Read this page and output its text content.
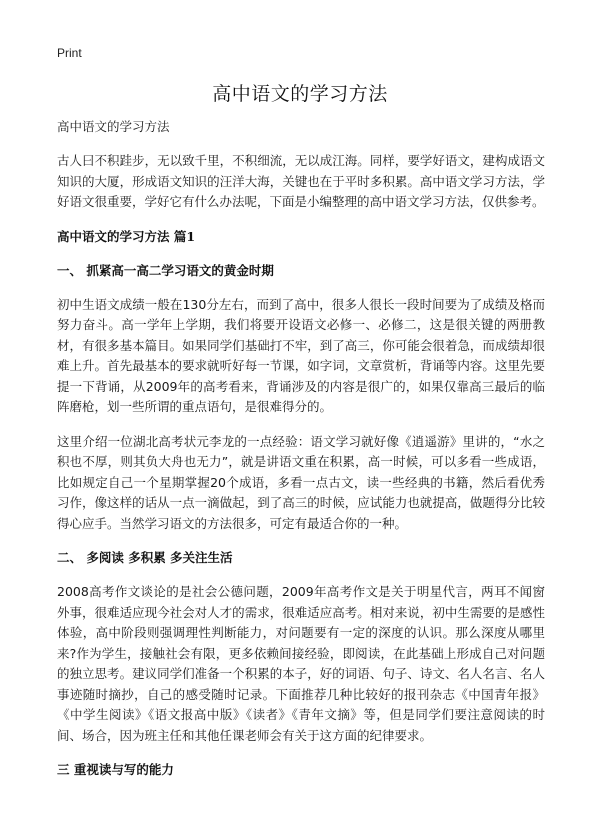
Print
高中语文的学习方法
高中语文的学习方法

古人曰不积跬步，无以致千里，不积细流，无以成江海。同样，要学好语文，建构成语文知识的大厦，形成语文知识的汪洋大海，关键也在于平时多积累。高中语文学习方法，学好语文很重要，学好它有什么办法呢，下面是小编整理的高中语文学习方法，仅供参考。

高中语文的学习方法 篇1
一、 抓紧高一高二学习语文的黄金时期

初中生语文成绩一般在130分左右，而到了高中，很多人很长一段时间要为了成绩及格而努力奋斗。高一学年上学期，我们将要开设语文必修一、必修二，这是很关键的两册教材，有很多基本篇目。如果同学们基础打不牢，到了高三，你可能会很着急，而成绩却很难上升。首先最基本的要求就听好每一节课，如字词，文章赏析，背诵等内容。这里先要提一下背诵，从2009年的高考看来，背诵涉及的内容是很广的，如果仅靠高三最后的临阵磨枪，划一些所谓的重点语句，是很难得分的。

这里介绍一位湖北高考状元李龙的一点经验：语文学习就好像《逍遥游》里讲的，“水之积也不厚，则其负大舟也无力”，就是讲语文重在积累，高一时候，可以多看一些成语，比如规定自己一个星期掌握20个成语，多看一点古文，读一些经典的书籍，然后看优秀习作，像这样的话从一点一滴做起，到了高三的时候，应试能力也就提高，做题得分比较得心应手。当然学习语文的方法很多，可定有最适合你的一种。

二、 多阅读 多积累 多关注生活

2008高考作文谈论的是社会公德问题，2009年高考作文是关于明星代言，两耳不闻窗外事，很难适应现今社会对人才的需求，很难适应高考。相对来说，初中生需要的是感性体验，高中阶段则强调理性判断能力，对问题要有一定的深度的认识。那么深度从哪里来?作为学生，接触社会有限，更多依赖间接经验，即阅读，在此基础上形成自己对问题的独立思考。建议同学们准备一个积累的本子，好的词语、句子、诗文、名人名言、名人事迹随时摘抄，自己的感受随时记录。下面推荐几种比较好的报刊杂志《中国青年报》《中学生阅读》《语文报高中版》《读者》《青年文摘》等，但是同学们要注意阅读的时间、场合，因为班主任和其他任课老师会有关于这方面的纪律要求。

三 重视读与写的能力
